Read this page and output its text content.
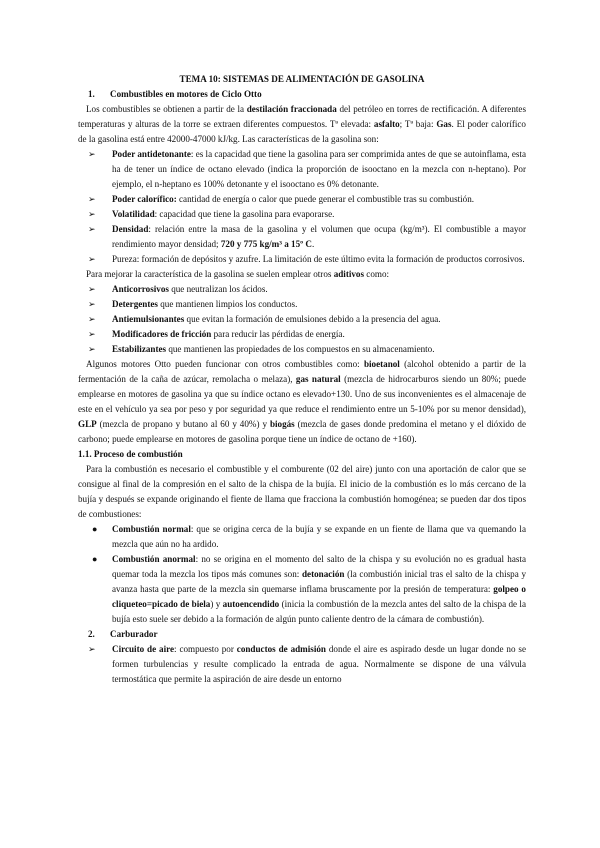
TEMA 10: SISTEMAS DE ALIMENTACIÓN DE GASOLINA
1. Combustibles en motores de Ciclo Otto
Los combustibles se obtienen a partir de la destilación fraccionada del petróleo en torres de rectificación. A diferentes temperaturas y alturas de la torre se extraen diferentes compuestos. Tª elevada: asfalto; Tª baja: Gas. El poder calorífico de la gasolina está entre 42000-47000 kJ/kg. Las características de la gasolina son:
➢ Poder antidetonante: es la capacidad que tiene la gasolina para ser comprimida antes de que se autoinflama, esta ha de tener un índice de octano elevado (indica la proporción de isooctano en la mezcla con n-heptano). Por ejemplo, el n-heptano es 100% detonante y el isooctano es 0% detonante.
➢ Poder calorífico: cantidad de energía o calor que puede generar el combustible tras su combustión.
➢ Volatilidad: capacidad que tiene la gasolina para evaporarse.
➢ Densidad: relación entre la masa de la gasolina y el volumen que ocupa (kg/m³). El combustible a mayor rendimiento mayor densidad; 720 y 775 kg/m³ a 15º C.
➢ Pureza: formación de depósitos y azufre. La limitación de este último evita la formación de productos corrosivos.
Para mejorar la característica de la gasolina se suelen emplear otros aditivos como:
➢ Anticorrosivos que neutralizan los ácidos.
➢ Detergentes que mantienen limpios los conductos.
➢ Antiemulsionantes que evitan la formación de emulsiones debido a la presencia del agua.
➢ Modificadores de fricción para reducir las pérdidas de energía.
➢ Estabilizantes que mantienen las propiedades de los compuestos en su almacenamiento.
Algunos motores Otto pueden funcionar con otros combustibles como: bioetanol (alcohol obtenido a partir de la fermentación de la caña de azúcar, remolacha o melaza), gas natural (mezcla de hidrocarburos siendo un 80%; puede emplearse en motores de gasolina ya que su índice octano es elevado+130. Uno de sus inconvenientes es el almacenaje de este en el vehículo ya sea por peso y por seguridad ya que reduce el rendimiento entre un 5-10% por su menor densidad), GLP (mezcla de propano y butano al 60 y 40%) y biogás (mezcla de gases donde predomina el metano y el dióxido de carbono; puede emplearse en motores de gasolina porque tiene un índice de octano de +160).
1.1. Proceso de combustión
Para la combustión es necesario el combustible y el comburente (02 del aire) junto con una aportación de calor que se consigue al final de la compresión en el salto de la chispa de la bujía. El inicio de la combustión es lo más cercano de la bujía y después se expande originando el fiente de llama que fracciona la combustión homogénea; se pueden dar dos tipos de combustiones:
● Combustión normal: que se origina cerca de la bujía y se expande en un fiente de llama que va quemando la mezcla que aún no ha ardido.
● Combustión anormal: no se origina en el momento del salto de la chispa y su evolución no es gradual hasta quemar toda la mezcla los tipos más comunes son: detonación (la combustión inicial tras el salto de la chispa y avanza hasta que parte de la mezcla sin quemarse inflama bruscamente por la presión de temperatura: golpeo o cliqueteo=picado de biela) y autoencendido (inicia la combustión de la mezcla antes del salto de la chispa de la bujía esto suele ser debido a la formación de algún punto caliente dentro de la cámara de combustión).
2. Carburador
➢ Circuito de aire: compuesto por conductos de admisión donde el aire es aspirado desde un lugar donde no se formen turbulencias y resulte complicado la entrada de agua. Normalmente se dispone de una válvula termostática que permite la aspiración de aire desde un entorno
